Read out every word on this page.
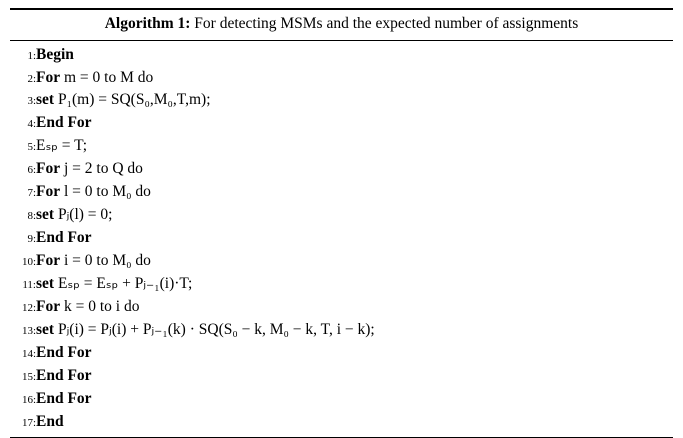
Algorithm 1: For detecting MSMs and the expected number of assignments
1:	Begin
2:	For m = 0 to M do
3:	set P₁(m) = SQ(S₀,M₀,T,m);
4:	End For
5:	Eₛₚ = T;
6:	For j = 2 to Q do
7:	For l = 0 to M₀ do
8:	set Pⱼ(l) = 0;
9:	End For
10:	For i = 0 to M₀ do
11:	set Eₛₚ = Eₛₚ + Pⱼ₋₁(i)·T;
12:	For k = 0 to i do
13:	set Pⱼ(i) = Pⱼ(i) + Pⱼ₋₁(k) · SQ(S₀ − k, M₀ − k, T, i − k);
14:	End For
15:	End For
16:	End For
17:	End
